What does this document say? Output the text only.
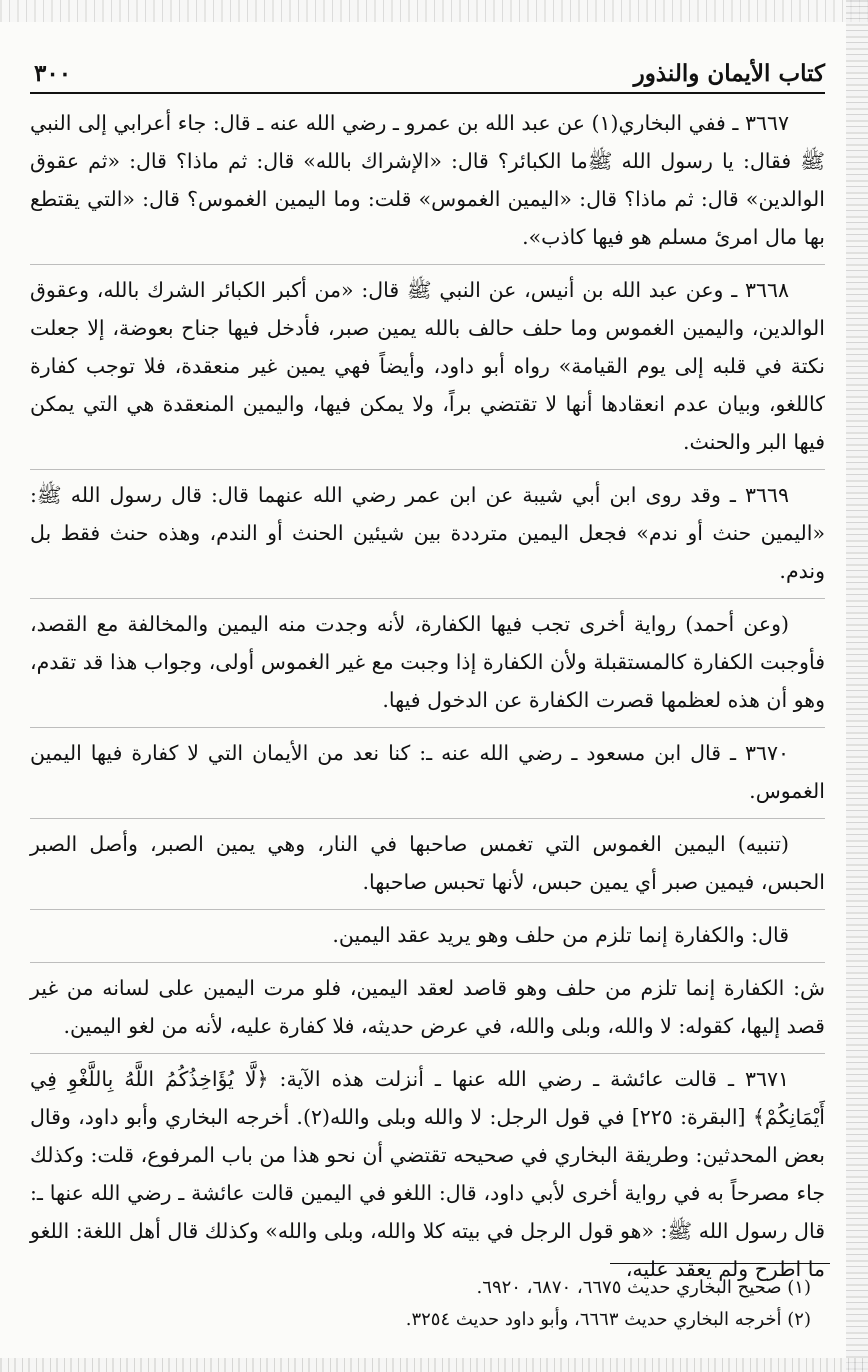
كتاب الأيمان والنذور
٣٠٠

٣٦٦٧ ـ ففي البخاري(١) عن عبد الله بن عمرو ـ رضي الله عنه ـ قال: جاء أعرابي إلى النبي ﷺ فقال: يا رسول الله ﷺما الكبائر؟ قال: «الإشراك بالله» قال: ثم ماذا؟ قال: «ثم عقوق الوالدين» قال: ثم ماذا؟ قال: «اليمين الغموس» قلت: وما اليمين الغموس؟ قال: «التي يقتطع بها مال امرئ مسلم هو فيها كاذب».

٣٦٦٨ ـ وعن عبد الله بن أنيس، عن النبي ﷺ قال: «من أكبر الكبائر الشرك بالله، وعقوق الوالدين، واليمين الغموس وما حلف حالف بالله يمين صبر، فأدخل فيها جناح بعوضة، إلا جعلت نكتة في قلبه إلى يوم القيامة» رواه أبو داود، وأيضاً فهي يمين غير منعقدة، فلا توجب كفارة كاللغو، وبيان عدم انعقادها أنها لا تقتضي براً، ولا يمكن فيها، واليمين المنعقدة هي التي يمكن فيها البر والحنث.

٣٦٦٩ ـ وقد روى ابن أبي شيبة عن ابن عمر رضي الله عنهما قال: قال رسول الله ﷺ: «اليمين حنث أو ندم» فجعل اليمين مترددة بين شيئين الحنث أو الندم، وهذه حنث فقط بل وندم.

(وعن أحمد) رواية أخرى تجب فيها الكفارة، لأنه وجدت منه اليمين والمخالفة مع القصد، فأوجبت الكفارة كالمستقبلة ولأن الكفارة إذا وجبت مع غير الغموس أولى، وجواب هذا قد تقدم، وهو أن هذه لعظمها قصرت الكفارة عن الدخول فيها.

٣٦٧٠ ـ قال ابن مسعود ـ رضي الله عنه ـ: كنا نعد من الأيمان التي لا كفارة فيها اليمين الغموس.

(تنبيه) اليمين الغموس التي تغمس صاحبها في النار، وهي يمين الصبر، وأصل الصبر الحبس، فيمين صبر أي يمين حبس، لأنها تحبس صاحبها.

قال: والكفارة إنما تلزم من حلف وهو يريد عقد اليمين.

ش: الكفارة إنما تلزم من حلف وهو قاصد لعقد اليمين، فلو مرت اليمين على لسانه من غير قصد إليها، كقوله: لا والله، وبلى والله، في عرض حديثه، فلا كفارة عليه، لأنه من لغو اليمين.

٣٦٧١ ـ قالت عائشة ـ رضي الله عنها ـ أنزلت هذه الآية: ﴿لَّا يُؤَاخِذُكُمُ اللَّهُ بِاللَّغْوِ فِي أَيْمَانِكُمْ﴾ [البقرة: ٢٢٥] في قول الرجل: لا والله وبلى والله(٢). أخرجه البخاري وأبو داود، وقال بعض المحدثين: وطريقة البخاري في صحيحه تقتضي أن نحو هذا من باب المرفوع، قلت: وكذلك جاء مصرحاً به في رواية أخرى لأبي داود، قال: اللغو في اليمين قالت عائشة ـ رضي الله عنها ـ: قال رسول الله ﷺ: «هو قول الرجل في بيته كلا والله، وبلى والله» وكذلك قال أهل اللغة: اللغو ما اطرح ولم يعقد عليه،

(١) صحيح البخاري حديث ٦٦٧٥، ٦٨٧٠، ٦٩٢٠.

(٢) أخرجه البخاري حديث ٦٦٦٣، وأبو داود حديث ٣٢٥٤.
